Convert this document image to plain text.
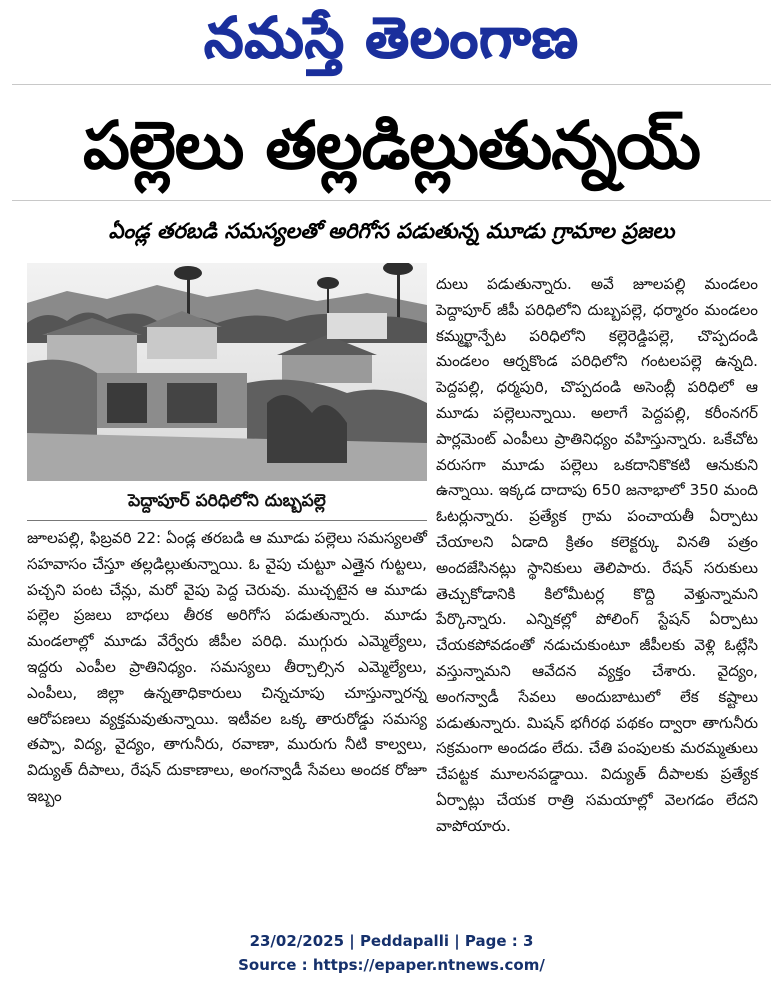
నమస్తే తెలంగాణ
పల్లెలు తల్లడిల్లుతున్నయ్
ఏండ్ల తరబడి సమస్యలతో అరిగోస పడుతున్న మూడు గ్రామాల ప్రజలు
పెద్దాపూర్ పరిధిలోని దుబ్బపల్లె

జూలపల్లి, ఫిబ్రవరి 22: ఏండ్ల తరబడి ఆ మూడు పల్లెలు సమస్యలతో సహవాసం చేస్తూ తల్లడిల్లుతున్నాయి. ఓ వైపు చుట్టూ ఎత్తైన గుట్టలు, పచ్చని పంట చేన్లు, మరో వైపు పెద్ద చెరువు. ముచ్చటైన ఆ మూడు పల్లెల ప్రజలు బాధలు తీరక అరిగోస పడుతున్నారు. మూడు మండలాల్లో మూడు వేర్వేరు జీపీల పరిధి. ముగ్గురు ఎమ్మెల్యేలు, ఇద్దరు ఎంపీల ప్రాతినిధ్యం. సమస్యలు తీర్చాల్సిన ఎమ్మెల్యేలు, ఎంపీలు, జిల్లా ఉన్నతాధికారులు చిన్నచూపు చూస్తున్నారన్న ఆరోపణలు వ్యక్తమవుతున్నాయి. ఇటీవల ఒక్క తారురోడ్డు సమస్య తప్పా, విద్య, వైద్యం, తాగునీరు, రవాణా, మురుగు నీటి కాల్వలు, విద్యుత్ దీపాలు, రేషన్ దుకాణాలు, అంగన్వాడీ సేవలు అందక రోజూ ఇబ్బం

దులు పడుతున్నారు. అవే జూలపల్లి మండలం పెద్దాపూర్ జీపీ పరిధిలోని దుబ్బపల్లె, ధర్మారం మండలం కమ్మర్ఖాన్పేట పరిధిలోని కల్లెరెడ్డిపల్లె, చొప్పదండి మండలం ఆర్నకొండ పరిధిలోని గంటలపల్లె ఉన్నది. పెద్దపల్లి, ధర్మపురి, చొప్పదండి అసెంబ్లీ పరిధిలో ఆ మూడు పల్లెలున్నాయి. అలాగే పెద్దపల్లి, కరీంనగర్ పార్లమెంట్ ఎంపీలు ప్రాతినిధ్యం వహిస్తున్నారు. ఒకేచోట వరుసగా మూడు పల్లెలు ఒకదానికొకటి ఆనుకుని ఉన్నాయి. ఇక్కడ దాదాపు 650 జనాభాలో 350 మంది ఓటర్లున్నారు. ప్రత్యేక గ్రామ పంచాయతీ ఏర్పాటు చేయాలని ఏడాది క్రితం కలెక్టర్కు వినతి పత్రం అందజేసినట్లు స్థానికులు తెలిపారు. రేషన్ సరుకులు తెచ్చుకోడానికి కిలోమీటర్ల కొద్ది వెళ్తున్నామని పేర్కొన్నారు. ఎన్నికల్లో పోలింగ్ స్టేషన్ ఏర్పాటు చేయకపోవడంతో నడుచుకుంటూ జీపీలకు వెళ్లి ఓట్లేసి వస్తున్నామని ఆవేదన వ్యక్తం చేశారు. వైద్యం, అంగన్వాడీ సేవలు అందుబాటులో లేక కష్టాలు పడుతున్నారు. మిషన్ భగీరథ పథకం ద్వారా తాగునీరు సక్రమంగా అందడం లేదు. చేతి పంపులకు మరమ్మతులు చేపట్టక మూలనపడ్డాయి. విద్యుత్ దీపాలకు ప్రత్యేక ఏర్పాట్లు చేయక రాత్రి సమయాల్లో వెలగడం లేదని వాపోయారు.

23/02/2025 | Peddapalli | Page : 3
Source : https://epaper.ntnews.com/
